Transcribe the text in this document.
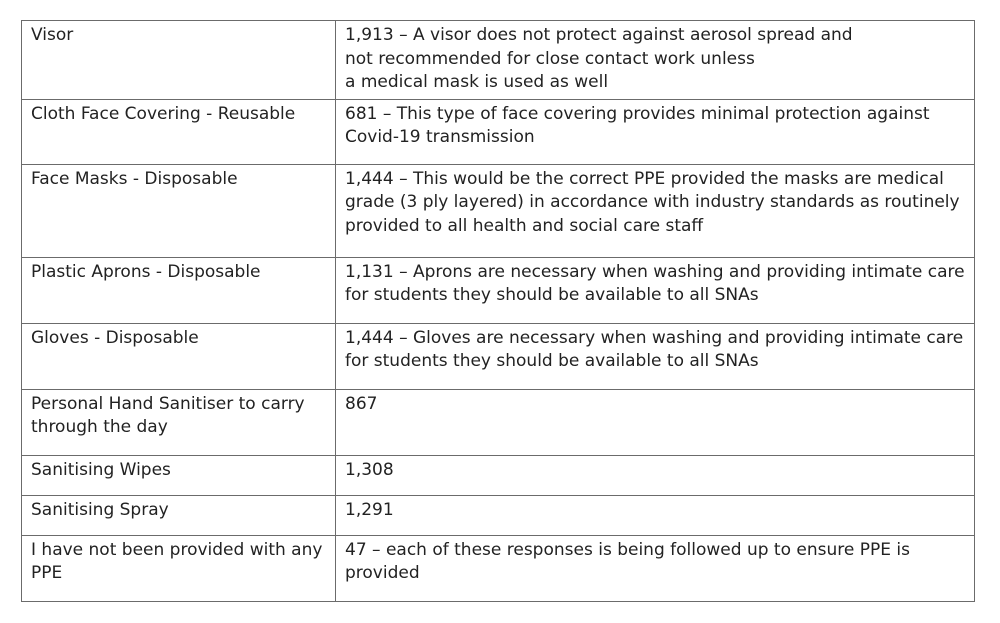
Visor	1,913 – A visor does not protect against aerosol spread and
not recommended for close contact work unless
a medical mask is used as well

Cloth Face Covering - Reusable	681 – This type of face covering provides minimal protection against Covid-19 transmission
Face Masks - Disposable	1,444 – This would be the correct PPE provided the masks are medical grade (3 ply layered) in accordance with industry standards as routinely provided to all health and social care staff
Plastic Aprons - Disposable	1,131 – Aprons are necessary when washing and providing intimate care for students they should be available to all SNAs
Gloves - Disposable	1,444 – Gloves are necessary when washing and providing intimate care for students they should be available to all SNAs
Personal Hand Sanitiser to carry through the day	867
Sanitising Wipes	1,308
Sanitising Spray	1,291
I have not been provided with any PPE	47 – each of these responses is being followed up to ensure PPE is provided
